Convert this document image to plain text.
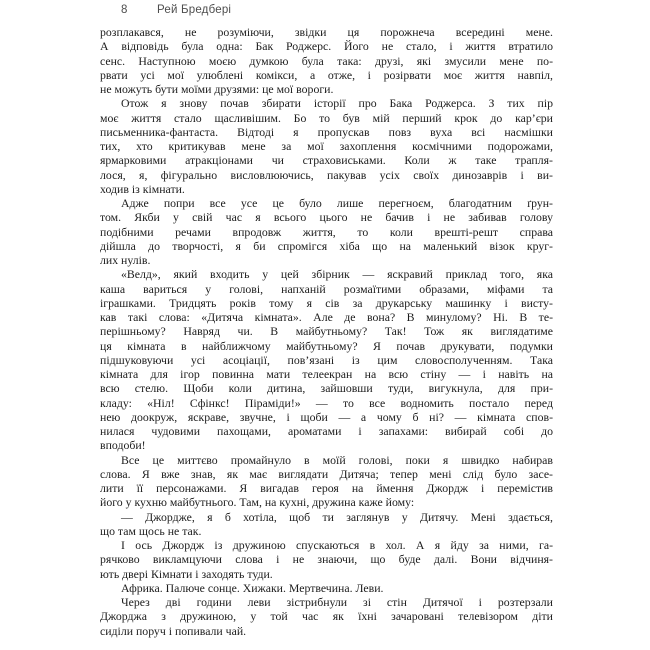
8	Рей Бредбері
розплакався, не розуміючи, звідки ця порожнеча всередині мене.
А відповідь була одна: Бак Роджерс. Його не стало, і життя втратило
сенс. Наступною моєю думкою була така: друзі, які змусили мене по-
рвати усі мої улюблені комікси, а отже, і розірвати моє життя навпіл,
не можуть бути моїми друзями: це мої вороги.
Отож я знову почав збирати історії про Бака Роджерса. З тих пір
моє життя стало щасливішим. Бо то був мій перший крок до кар’єри
письменника-фантаста. Відтоді я пропускав повз вуха всі насмішки
тих, хто критикував мене за мої захоплення космічними подорожами,
ярмарковими атракціонами чи страховиськами. Коли ж таке трапля-
лося, я, фігурально висловлюючись, пакував усіх своїх динозаврів і ви-
ходив із кімнати.
Адже попри все усе це було лише перегноєм, благодатним ґрун-
том. Якби у свій час я всього цього не бачив і не забивав голову
подібними речами впродовж життя, то коли врешті-решт справа
дійшла до творчості, я би спромігся хіба що на маленький візок круг-
лих нулів.
«Велд», який входить у цей збірник — яскравий приклад того, яка
каша вариться у голові, напханій розмаїтими образами, міфами та
іграшками. Тридцять років тому я сів за друкарську машинку і висту-
кав такі слова: «Дитяча кімната». Але де вона? В минулому? Ні. В те-
перішньому? Навряд чи. В майбутньому? Так! Тож як виглядатиме
ця кімната в найближчому майбутньому? Я почав друкувати, подумки
підшуковуючи усі асоціації, пов’язані із цим словосполученням. Така
кімната для ігор повинна мати телеекран на всю стіну — і навіть на
всю стелю. Щоби коли дитина, зайшовши туди, вигукнула, для при-
кладу: «Ніл! Сфінкс! Піраміди!» — то все водномить постало перед
нею доокруж, яскраве, звучне, і щоби — а чому б ні? — кімната спов-
нилася чудовими пахощами, ароматами і запахами: вибирай собі до
вподоби!
Все це миттєво промайнуло в моїй голові, поки я швидко набирав
слова. Я вже знав, як має виглядати Дитяча; тепер мені слід було засе-
лити її персонажами. Я вигадав героя на ймення Джордж і перемістив
його у кухню майбутнього. Там, на кухні, дружина каже йому:
— Джордже, я б хотіла, щоб ти заглянув у Дитячу. Мені здається,
що там щось не так.
І ось Джордж із дружиною спускаються в хол. А я йду за ними, га-
рячково викламцуючи слова і не знаючи, що буде далі. Вони відчиня-
ють двері Кімнати і заходять туди.
Африка. Палюче сонце. Хижаки. Мертвечина. Леви.
Через дві години леви зістрибнули зі стін Дитячої і розтерзали
Джорджа з дружиною, у той час як їхні зачаровані телевізором діти
сиділи поруч і попивали чай.
